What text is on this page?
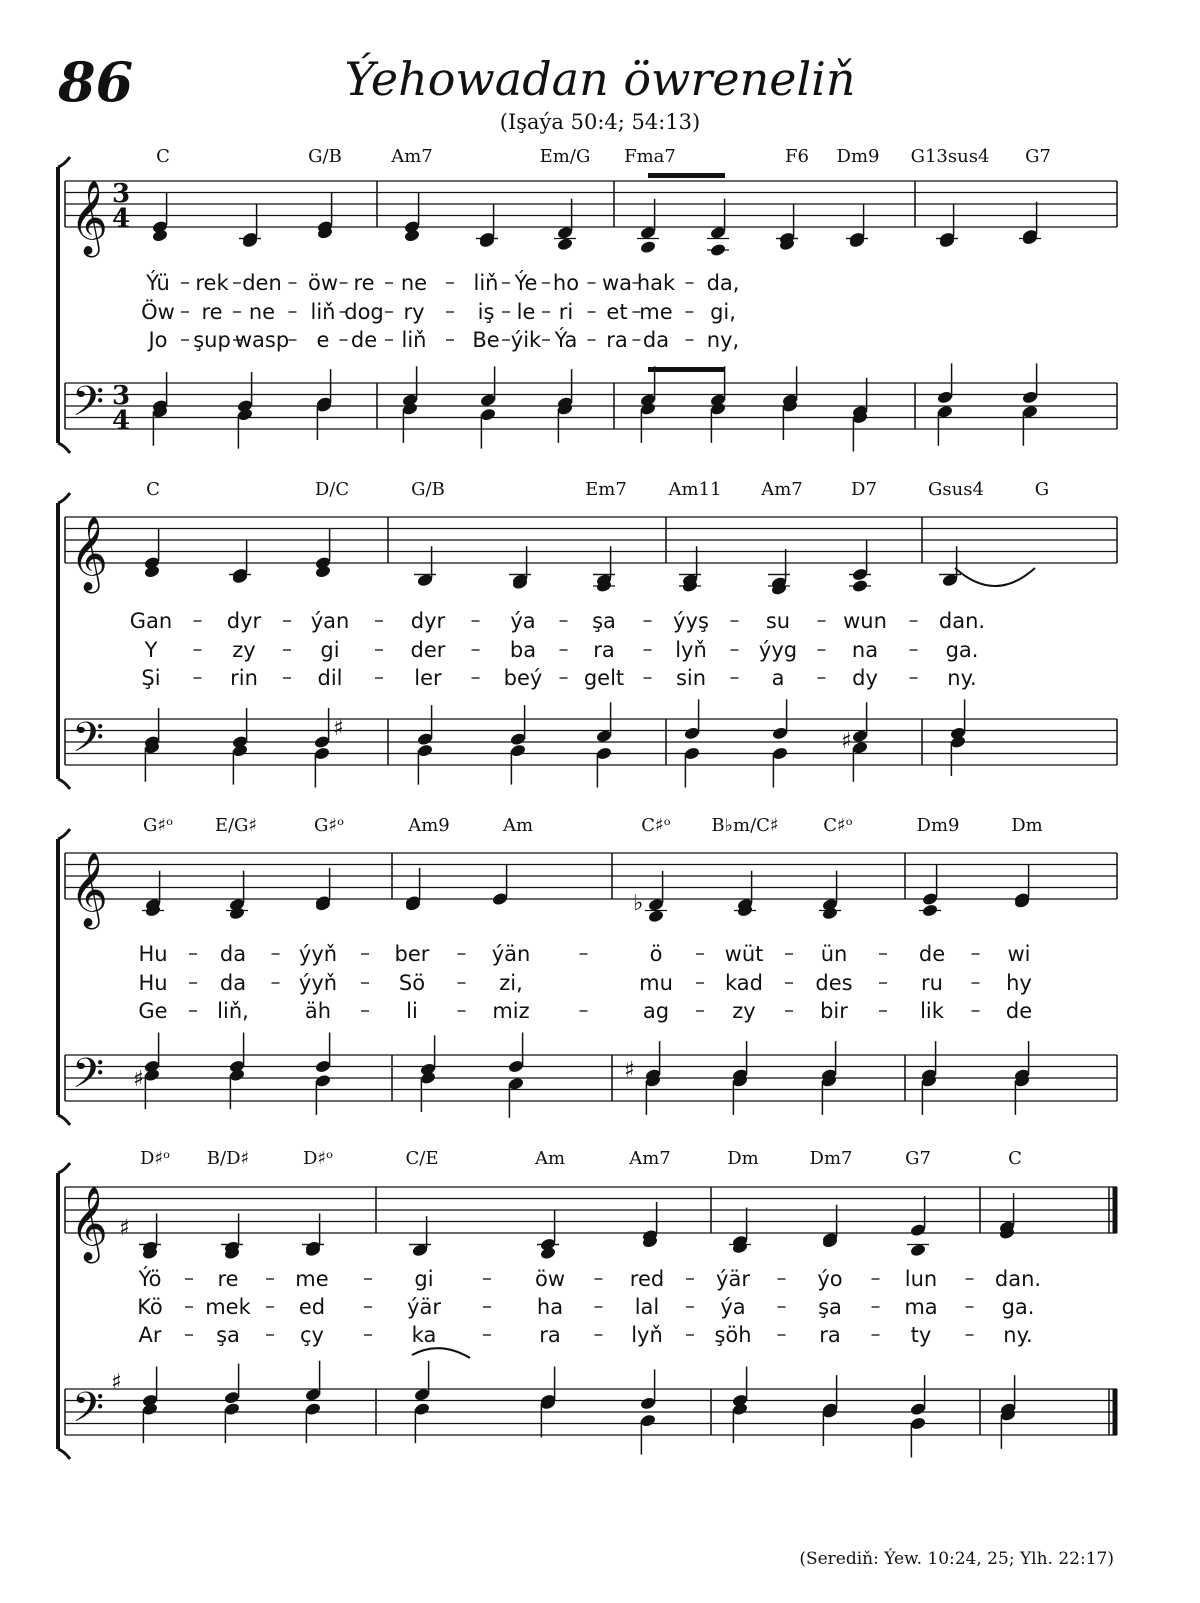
86	Ýehowadan öwreneliň
(Işaýa 50:4; 54:13)
𝄞
𝄢
3
4
3
4
C	G/B	Am7	Em/G Fma7	F6 Dm9 G13sus4 G7
Ýü rek den öw re ne liň Ýe ho wa hak da,
Öw re ne liň dog ry	iş le ri et me gi,
Jo şup wasp e de liň Be ýik Ýa ra da ny,
𝄞
𝄢
C	D/C	G/B	Em7 Am11 Am7	D7	Gsus4	G
Gan	dyr ýan	dyr	ýa	şa	ýyş	su	wun dan.
Y	zy	gi	der	ba	ra	lyň ýyg	na	ga.
Şi	rin	dil	ler	beý gelt sin	a	dy	ny.
𝄞
𝄢
G♯ᵒ E/G♯	G♯ᵒ	Am9	Am	C♯ᵒ B♭m/C♯ C♯ᵒ	Dm9	Dm
Hu da	ýyň	ber	ýän	ö	wüt	ün	de	wi
Hu da	ýyň	Sö	zi,	mu kad des	ru	hy
Ge liň,	äh	li	miz	ag	zy	bir	lik	de
𝄞
𝄢
D♯ᵒ B/D♯	D♯ᵒ	C/E	Am	Am7	Dm	Dm7	G7	C
Ýö	re	me	gi	öw	red ýär	ýo	lun	dan.
Kö mek ed	ýär	ha	lal	ýa	şa	ma	ga.
Ar	şa	çy	ka	ra	lyň şöh	ra	ty	ny.
♯
♯
♯	♯
♯
♯
♭
(Serediň: Ýew. 10:24, 25; Ylh. 22:17)
